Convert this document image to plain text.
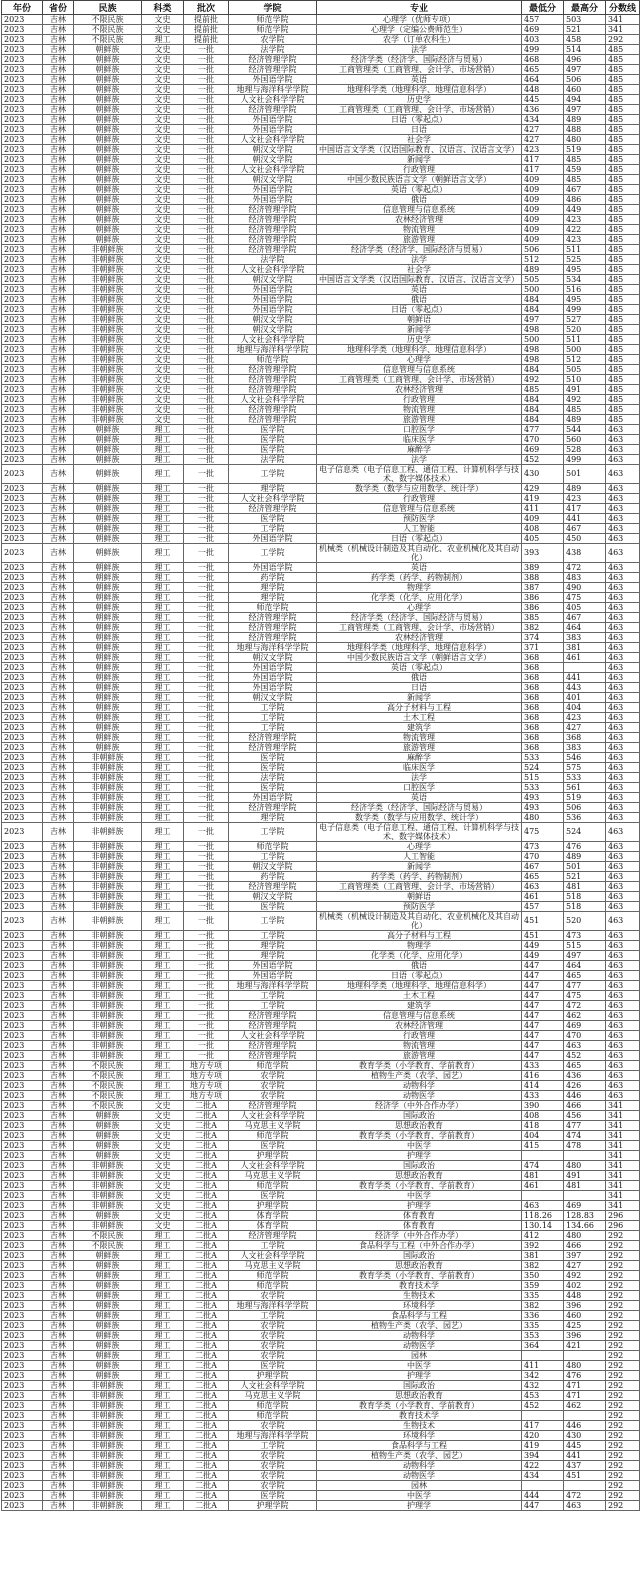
年份	省份	民族	科类	批次	学院	专业	最低分	最高分	分数线
2023	吉林	不限民族	文史	提前批	师范学院	心理学（优师专项）	457	503	341
2023	吉林	不限民族	文史	提前批	师范学院	心理学（定编公费师范生）	469	521	341
2023	吉林	不限民族	理工	提前批	农学院	农学（订单农科生）	403	458	292
2023	吉林	朝鲜族	文史	一批	法学院	法学	499	514	485
2023	吉林	朝鲜族	文史	一批	经济管理学院	经济学类（经济学、国际经济与贸易）	468	496	485
2023	吉林	朝鲜族	文史	一批	经济管理学院	工商管理类（工商管理、会计学、市场营销）	465	497	485
2023	吉林	朝鲜族	文史	一批	外国语学院	英语	464	506	485
2023	吉林	朝鲜族	文史	一批	地理与海洋科学学院	地理科学类（地理科学、地理信息科学）	448	460	485
2023	吉林	朝鲜族	文史	一批	人文社会科学学院	历史学	445	494	485
2023	吉林	朝鲜族	文史	一批	经济管理学院	工商管理类（工商管理、会计学、市场营销）	436	497	485
2023	吉林	朝鲜族	文史	一批	外国语学院	日语（零起点）	434	489	485
2023	吉林	朝鲜族	文史	一批	外国语学院	日语	427	488	485
2023	吉林	朝鲜族	文史	一批	人文社会科学学院	社会学	427	480	485
2023	吉林	朝鲜族	文史	一批	朝汉文学院	中国语言文学类（汉语国际教育、汉语言、汉语言文学）	423	519	485
2023	吉林	朝鲜族	文史	一批	朝汉文学院	新闻学	417	485	485
2023	吉林	朝鲜族	文史	一批	人文社会科学学院	行政管理	417	459	485
2023	吉林	朝鲜族	文史	一批	朝汉文学院	中国少数民族语言文学（朝鲜语言文学）	409	485	485
2023	吉林	朝鲜族	文史	一批	外国语学院	英语（零起点）	409	467	485
2023	吉林	朝鲜族	文史	一批	外国语学院	俄语	409	486	485
2023	吉林	朝鲜族	文史	一批	经济管理学院	信息管理与信息系统	409	449	485
2023	吉林	朝鲜族	文史	一批	经济管理学院	农林经济管理	409	423	485
2023	吉林	朝鲜族	文史	一批	经济管理学院	物流管理	409	422	485
2023	吉林	朝鲜族	文史	一批	经济管理学院	旅游管理	409	423	485
2023	吉林	非朝鲜族	文史	一批	经济管理学院	经济学类（经济学、国际经济与贸易）	506	511	485
2023	吉林	非朝鲜族	文史	一批	法学院	法学	512	525	485
2023	吉林	非朝鲜族	文史	一批	人文社会科学学院	社会学	489	495	485
2023	吉林	非朝鲜族	文史	一批	朝汉文学院	中国语言文学类（汉语国际教育、汉语言、汉语言文学）	505	534	485
2023	吉林	非朝鲜族	文史	一批	外国语学院	英语	500	516	485
2023	吉林	非朝鲜族	文史	一批	外国语学院	俄语	484	495	485
2023	吉林	非朝鲜族	文史	一批	外国语学院	日语（零起点）	484	499	485
2023	吉林	非朝鲜族	文史	一批	朝汉文学院	朝鲜语	497	527	485
2023	吉林	非朝鲜族	文史	一批	朝汉文学院	新闻学	498	520	485
2023	吉林	非朝鲜族	文史	一批	人文社会科学学院	历史学	500	511	485
2023	吉林	非朝鲜族	文史	一批	地理与海洋科学学院	地理科学类（地理科学、地理信息科学）	498	500	485
2023	吉林	非朝鲜族	文史	一批	师范学院	心理学	498	512	485
2023	吉林	非朝鲜族	文史	一批	经济管理学院	信息管理与信息系统	484	505	485
2023	吉林	非朝鲜族	文史	一批	经济管理学院	工商管理类（工商管理、会计学、市场营销）	492	510	485
2023	吉林	非朝鲜族	文史	一批	经济管理学院	农林经济管理	485	491	485
2023	吉林	非朝鲜族	文史	一批	人文社会科学学院	行政管理	484	492	485
2023	吉林	非朝鲜族	文史	一批	经济管理学院	物流管理	484	485	485
2023	吉林	非朝鲜族	文史	一批	经济管理学院	旅游管理	484	489	485
2023	吉林	朝鲜族	理工	一批	医学院	口腔医学	477	544	463
2023	吉林	朝鲜族	理工	一批	医学院	临床医学	470	560	463
2023	吉林	朝鲜族	理工	一批	医学院	麻醉学	469	528	463
2023	吉林	朝鲜族	理工	一批	法学院	法学	452	499	463
2023	吉林	朝鲜族	理工	一批	工学院	电子信息类（电子信息工程、通信工程、计算机科学与技术、数字媒体技术）	430	501	463
2023	吉林	朝鲜族	理工	一批	理学院	数学类（数学与应用数学、统计学）	429	489	463
2023	吉林	朝鲜族	理工	一批	人文社会科学学院	行政管理	419	423	463
2023	吉林	朝鲜族	理工	一批	经济管理学院	信息管理与信息系统	411	417	463
2023	吉林	朝鲜族	理工	一批	医学院	预防医学	409	441	463
2023	吉林	朝鲜族	理工	一批	工学院	人工智能	408	467	463
2023	吉林	朝鲜族	理工	一批	外国语学院	日语（零起点）	405	450	463
2023	吉林	朝鲜族	理工	一批	工学院	机械类（机械设计制造及其自动化、农业机械化及其自动化）	393	438	463
2023	吉林	朝鲜族	理工	一批	外国语学院	英语	389	472	463
2023	吉林	朝鲜族	理工	一批	药学院	药学类（药学、药物制剂）	388	483	463
2023	吉林	朝鲜族	理工	一批	理学院	物理学	387	490	463
2023	吉林	朝鲜族	理工	一批	理学院	化学类（化学、应用化学）	386	475	463
2023	吉林	朝鲜族	理工	一批	师范学院	心理学	386	405	463
2023	吉林	朝鲜族	理工	一批	经济管理学院	经济学类（经济学、国际经济与贸易）	385	467	463
2023	吉林	朝鲜族	理工	一批	经济管理学院	工商管理类（工商管理、会计学、市场营销）	382	464	463
2023	吉林	朝鲜族	理工	一批	经济管理学院	农林经济管理	374	383	463
2023	吉林	朝鲜族	理工	一批	地理与海洋科学学院	地理科学类（地理科学、地理信息科学）	371	381	463
2023	吉林	朝鲜族	理工	一批	朝汉文学院	中国少数民族语言文学（朝鲜语言文学）	368	461	463
2023	吉林	朝鲜族	理工	一批	外国语学院	英语（零起点）	368		463
2023	吉林	朝鲜族	理工	一批	外国语学院	俄语	368	441	463
2023	吉林	朝鲜族	理工	一批	外国语学院	日语	368	443	463
2023	吉林	朝鲜族	理工	一批	朝汉文学院	新闻学	368	401	463
2023	吉林	朝鲜族	理工	一批	工学院	高分子材料与工程	368	404	463
2023	吉林	朝鲜族	理工	一批	工学院	土木工程	368	423	463
2023	吉林	朝鲜族	理工	一批	工学院	建筑学	368	427	463
2023	吉林	朝鲜族	理工	一批	经济管理学院	物流管理	368	368	463
2023	吉林	朝鲜族	理工	一批	经济管理学院	旅游管理	368	383	463
2023	吉林	非朝鲜族	理工	一批	医学院	麻醉学	533	546	463
2023	吉林	非朝鲜族	理工	一批	医学院	临床医学	524	575	463
2023	吉林	非朝鲜族	理工	一批	法学院	法学	515	533	463
2023	吉林	非朝鲜族	理工	一批	医学院	口腔医学	533	561	463
2023	吉林	非朝鲜族	理工	一批	外国语学院	英语	493	519	463
2023	吉林	非朝鲜族	理工	一批	经济管理学院	经济学类（经济学、国际经济与贸易）	493	506	463
2023	吉林	非朝鲜族	理工	一批	理学院	数学类（数学与应用数学、统计学）	480	536	463
2023	吉林	非朝鲜族	理工	一批	工学院	电子信息类（电子信息工程、通信工程、计算机科学与技术、数字媒体技术）	475	524	463
2023	吉林	非朝鲜族	理工	一批	师范学院	心理学	473	476	463
2023	吉林	非朝鲜族	理工	一批	工学院	人工智能	470	489	463
2023	吉林	非朝鲜族	理工	一批	朝汉文学院	新闻学	467	501	463
2023	吉林	非朝鲜族	理工	一批	药学院	药学类（药学、药物制剂）	465	521	463
2023	吉林	非朝鲜族	理工	一批	经济管理学院	工商管理类（工商管理、会计学、市场营销）	463	481	463
2023	吉林	非朝鲜族	理工	一批	朝汉文学院	朝鲜语	461	518	463
2023	吉林	非朝鲜族	理工	一批	医学院	预防医学	457	518	463
2023	吉林	非朝鲜族	理工	一批	工学院	机械类（机械设计制造及其自动化、农业机械化及其自动化）	451	520	463
2023	吉林	非朝鲜族	理工	一批	工学院	高分子材料与工程	451	473	463
2023	吉林	非朝鲜族	理工	一批	理学院	物理学	449	515	463
2023	吉林	非朝鲜族	理工	一批	理学院	化学类（化学、应用化学）	449	497	463
2023	吉林	非朝鲜族	理工	一批	外国语学院	俄语	447	464	463
2023	吉林	非朝鲜族	理工	一批	外国语学院	日语（零起点）	447	465	463
2023	吉林	非朝鲜族	理工	一批	地理与海洋科学学院	地理科学类（地理科学、地理信息科学）	447	477	463
2023	吉林	非朝鲜族	理工	一批	工学院	土木工程	447	475	463
2023	吉林	非朝鲜族	理工	一批	工学院	建筑学	447	472	463
2023	吉林	非朝鲜族	理工	一批	经济管理学院	信息管理与信息系统	447	462	463
2023	吉林	非朝鲜族	理工	一批	经济管理学院	农林经济管理	447	469	463
2023	吉林	非朝鲜族	理工	一批	人文社会科学学院	行政管理	447	470	463
2023	吉林	非朝鲜族	理工	一批	经济管理学院	物流管理	447	463	463
2023	吉林	非朝鲜族	理工	一批	经济管理学院	旅游管理	447	452	463
2023	吉林	不限民族	理工	地方专项	师范学院	教育学类（小学教育、学前教育）	433	465	463
2023	吉林	不限民族	理工	地方专项	农学院	植物生产类（农学、园艺）	416	436	463
2023	吉林	不限民族	理工	地方专项	农学院	动物科学	414	426	463
2023	吉林	不限民族	理工	地方专项	农学院	动物医学	433	446	463
2023	吉林	不限民族	文史	二批A	经济管理学院	经济学（中外合作办学）	390	466	341
2023	吉林	朝鲜族	文史	二批A	人文社会科学学院	国际政治	408	456	341
2023	吉林	朝鲜族	文史	二批A	马克思主义学院	思想政治教育	418	477	341
2023	吉林	朝鲜族	文史	二批A	师范学院	教育学类（小学教育、学前教育）	404	474	341
2023	吉林	朝鲜族	文史	二批A	医学院	中医学	415	478	341
2023	吉林	朝鲜族	文史	二批A	护理学院	护理学			341
2023	吉林	非朝鲜族	文史	二批A	人文社会科学学院	国际政治	474	480	341
2023	吉林	非朝鲜族	文史	二批A	马克思主义学院	思想政治教育	481	491	341
2023	吉林	非朝鲜族	文史	二批A	师范学院	教育学类（小学教育、学前教育）	461	481	341
2023	吉林	非朝鲜族	文史	二批A	医学院	中医学			341
2023	吉林	非朝鲜族	文史	二批A	护理学院	护理学	463	469	341
2023	吉林	朝鲜族	文史	二批A	体育学院	体育教育	118.26	128.83	296
2023	吉林	非朝鲜族	文史	二批A	体育学院	体育教育	130.14	134.66	296
2023	吉林	不限民族	理工	二批A	经济管理学院	经济学（中外合作办学）	412	480	292
2023	吉林	不限民族	理工	二批A	工学院	食品科学与工程（中外合作办学）	392	466	292
2023	吉林	朝鲜族	理工	二批A	人文社会科学学院	国际政治	381	397	292
2023	吉林	朝鲜族	理工	二批A	马克思主义学院	思想政治教育	382	427	292
2023	吉林	朝鲜族	理工	二批A	师范学院	教育学类（小学教育、学前教育）	350	492	292
2023	吉林	朝鲜族	理工	二批A	师范学院	教育技术学	359	402	292
2023	吉林	朝鲜族	理工	二批A	农学院	生物技术	335	448	292
2023	吉林	朝鲜族	理工	二批A	地理与海洋科学学院	环境科学	382	396	292
2023	吉林	朝鲜族	理工	二批A	工学院	食品科学与工程	336	460	292
2023	吉林	朝鲜族	理工	二批A	农学院	植物生产类（农学、园艺）	335	425	292
2023	吉林	朝鲜族	理工	二批A	农学院	动物科学	353	396	292
2023	吉林	朝鲜族	理工	二批A	农学院	动物医学	364	421	292
2023	吉林	朝鲜族	理工	二批A	农学院	园林			292
2023	吉林	朝鲜族	理工	二批A	医学院	中医学	411	480	292
2023	吉林	朝鲜族	理工	二批A	护理学院	护理学	342	476	292
2023	吉林	非朝鲜族	理工	二批A	人文社会科学学院	国际政治	432	471	292
2023	吉林	非朝鲜族	理工	二批A	马克思主义学院	思想政治教育	453	471	292
2023	吉林	非朝鲜族	理工	二批A	师范学院	教育学类（小学教育、学前教育）	452	462	292
2023	吉林	非朝鲜族	理工	二批A	师范学院	教育技术学			292
2023	吉林	非朝鲜族	理工	二批A	农学院	生物技术	417	446	292
2023	吉林	非朝鲜族	理工	二批A	地理与海洋科学学院	环境科学	420	430	292
2023	吉林	非朝鲜族	理工	二批A	工学院	食品科学与工程	419	445	292
2023	吉林	非朝鲜族	理工	二批A	农学院	植物生产类（农学、园艺）	394	441	292
2023	吉林	非朝鲜族	理工	二批A	农学院	动物科学	422	437	292
2023	吉林	非朝鲜族	理工	二批A	农学院	动物医学	434	451	292
2023	吉林	非朝鲜族	理工	二批A	农学院	园林			292
2023	吉林	非朝鲜族	理工	二批A	医学院	中医学	444	472	292
2023	吉林	非朝鲜族	理工	二批A	护理学院	护理学	447	463	292
